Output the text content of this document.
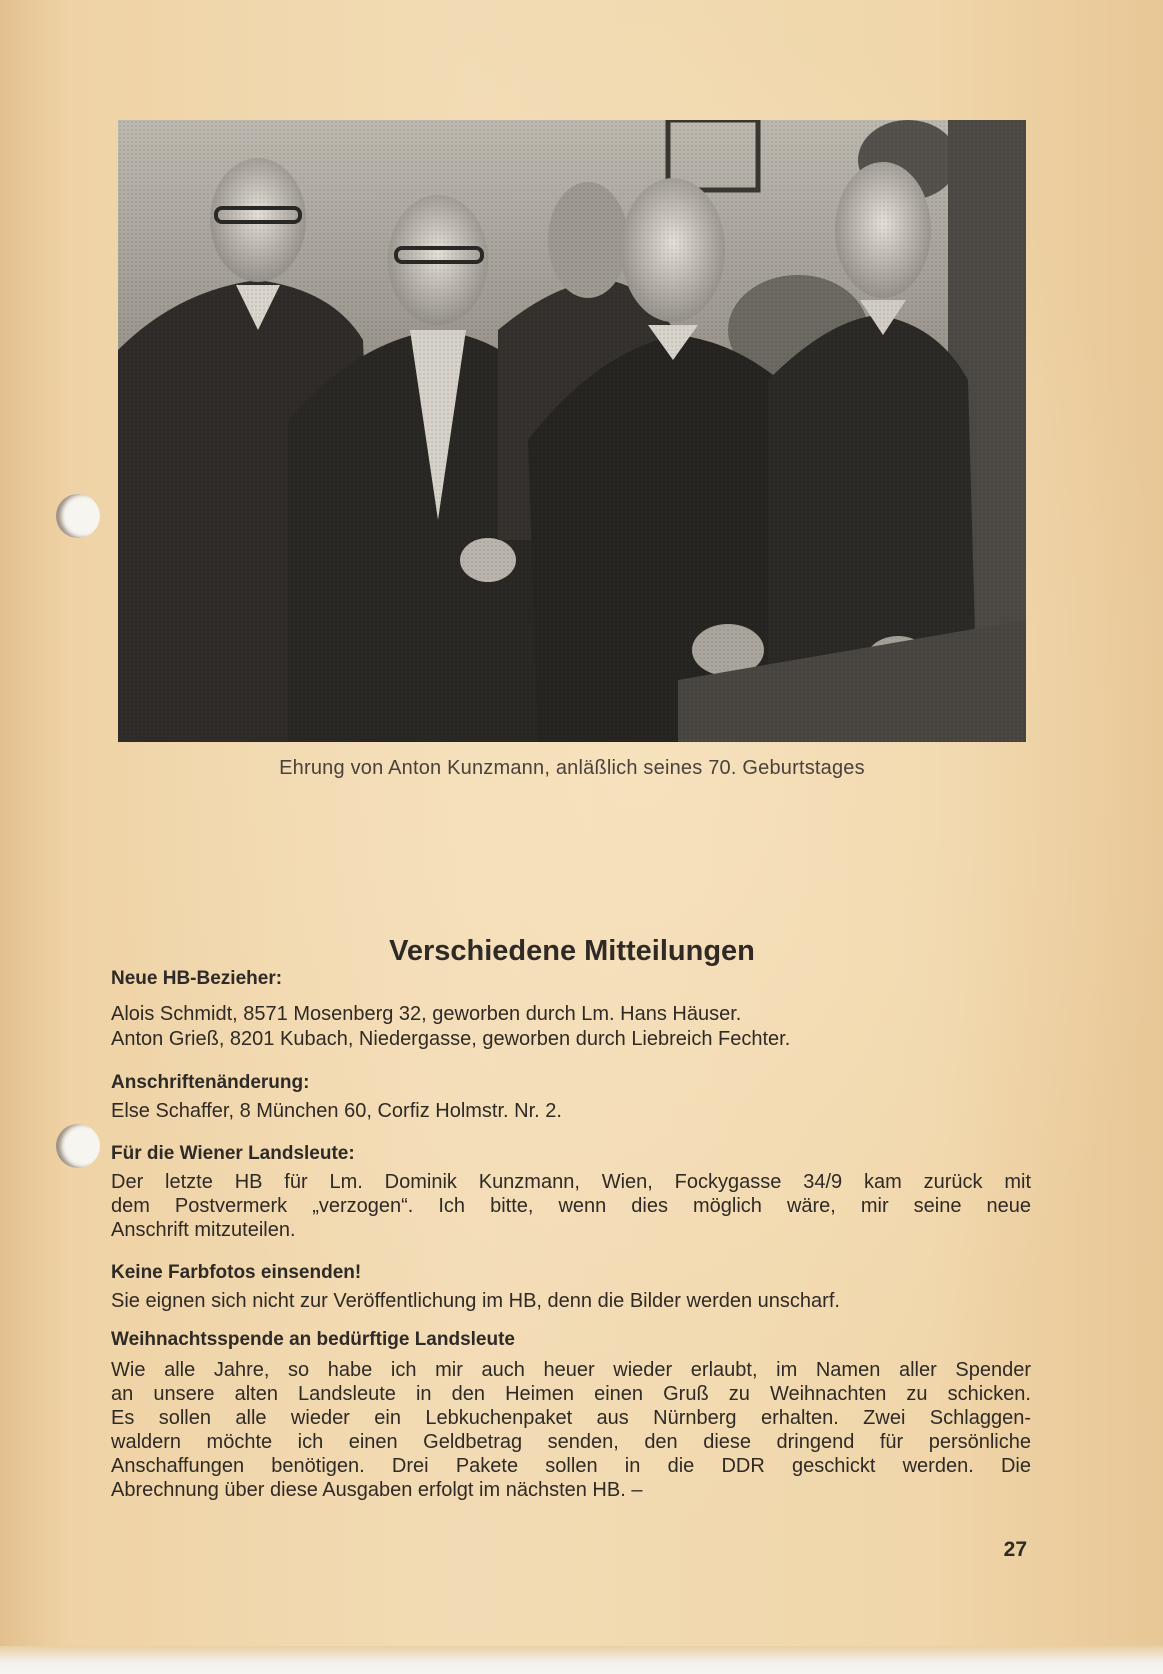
Ehrung von Anton Kunzmann, anläßlich seines 70. Geburtstages
Verschiedene Mitteilungen
Neue HB-Bezieher:
Alois Schmidt, 8571 Mosenberg 32, geworben durch Lm. Hans Häuser.
Anton Grieß, 8201 Kubach, Niedergasse, geworben durch Liebreich Fechter.
Anschriftenänderung:
Else Schaffer, 8 München 60, Corfiz Holmstr. Nr. 2.
Für die Wiener Landsleute:
Der letzte HB für Lm. Dominik Kunzmann, Wien, Fockygasse 34/9 kam zurück mit
dem Postvermerk „verzogen“. Ich bitte, wenn dies möglich wäre, mir seine neue
Anschrift mitzuteilen.
Keine Farbfotos einsenden!
Sie eignen sich nicht zur Veröffentlichung im HB, denn die Bilder werden unscharf.
Weihnachtsspende an bedürftige Landsleute
Wie alle Jahre, so habe ich mir auch heuer wieder erlaubt, im Namen aller Spender
an unsere alten Landsleute in den Heimen einen Gruß zu Weihnachten zu schicken.
Es sollen alle wieder ein Lebkuchenpaket aus Nürnberg erhalten. Zwei Schlaggen-
waldern möchte ich einen Geldbetrag senden, den diese dringend für persönliche
Anschaffungen benötigen. Drei Pakete sollen in die DDR geschickt werden. Die
Abrechnung über diese Ausgaben erfolgt im nächsten HB. –
27
